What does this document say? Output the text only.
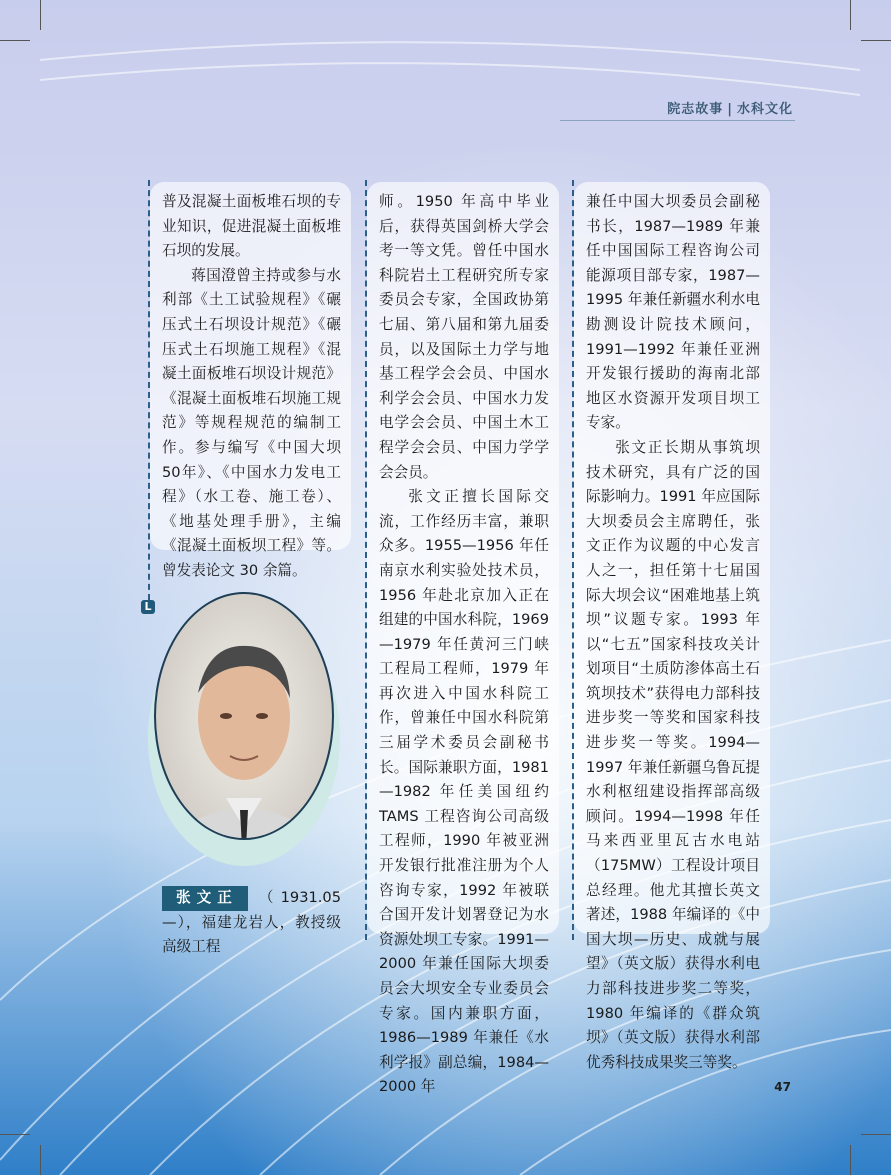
院志故事 | 水科文化
L

普及混凝土面板堆石坝的专业知识，促进混凝土面板堆石坝的发展。

蒋国澄曾主持或参与水利部《土工试验规程》《碾压式土石坝设计规范》《碾压式土石坝施工规程》《混凝土面板堆石坝设计规范》《混凝土面板堆石坝施工规范》等规程规范的编制工作。参与编写《中国大坝50年》、《中国水力发电工程》（水工卷、施工卷）、《地基处理手册》，主编《混凝土面板坝工程》等。曾发表论文 30 余篇。

张文正 （1931.05—），福建龙岩人，教授级高级工程

师。1950 年高中毕业后，获得英国剑桥大学会考一等文凭。曾任中国水科院岩土工程研究所专家委员会专家，全国政协第七届、第八届和第九届委员，以及国际土力学与地基工程学会会员、中国水利学会会员、中国水力发电学会会员、中国土木工程学会会员、中国力学学会会员。

张文正擅长国际交流，工作经历丰富，兼职众多。1955—1956 年任南京水利实验处技术员，1956 年赴北京加入正在组建的中国水科院，1969—1979 年任黄河三门峡工程局工程师，1979 年再次进入中国水科院工作，曾兼任中国水科院第三届学术委员会副秘书长。国际兼职方面，1981—1982 年任美国纽约 TAMS 工程咨询公司高级工程师，1990 年被亚洲开发银行批准注册为个人咨询专家，1992 年被联合国开发计划署登记为水资源处坝工专家。1991—2000 年兼任国际大坝委员会大坝安全专业委员会专家。国内兼职方面，1986—1989 年兼任《水利学报》副总编，1984—2000 年

兼任中国大坝委员会副秘书长，1987—1989 年兼任中国国际工程咨询公司能源项目部专家，1987—1995 年兼任新疆水利水电勘测设计院技术顾问，1991—1992 年兼任亚洲开发银行援助的海南北部地区水资源开发项目坝工专家。

张文正长期从事筑坝技术研究，具有广泛的国际影响力。1991 年应国际大坝委员会主席聘任，张文正作为议题的中心发言人之一，担任第十七届国际大坝会议“困难地基上筑坝”议题专家。1993 年以“七五”国家科技攻关计划项目“土质防渗体高土石筑坝技术”获得电力部科技进步奖一等奖和国家科技进步奖一等奖。1994—1997 年兼任新疆乌鲁瓦提水利枢纽建设指挥部高级顾问。1994—1998 年任马来西亚里瓦古水电站（175MW）工程设计项目总经理。他尤其擅长英文著述，1988 年编译的《中国大坝—历史、成就与展望》（英文版）获得水利电力部科技进步奖二等奖，1980 年编译的《群众筑坝》（英文版）获得水利部优秀科技成果奖三等奖。

47
